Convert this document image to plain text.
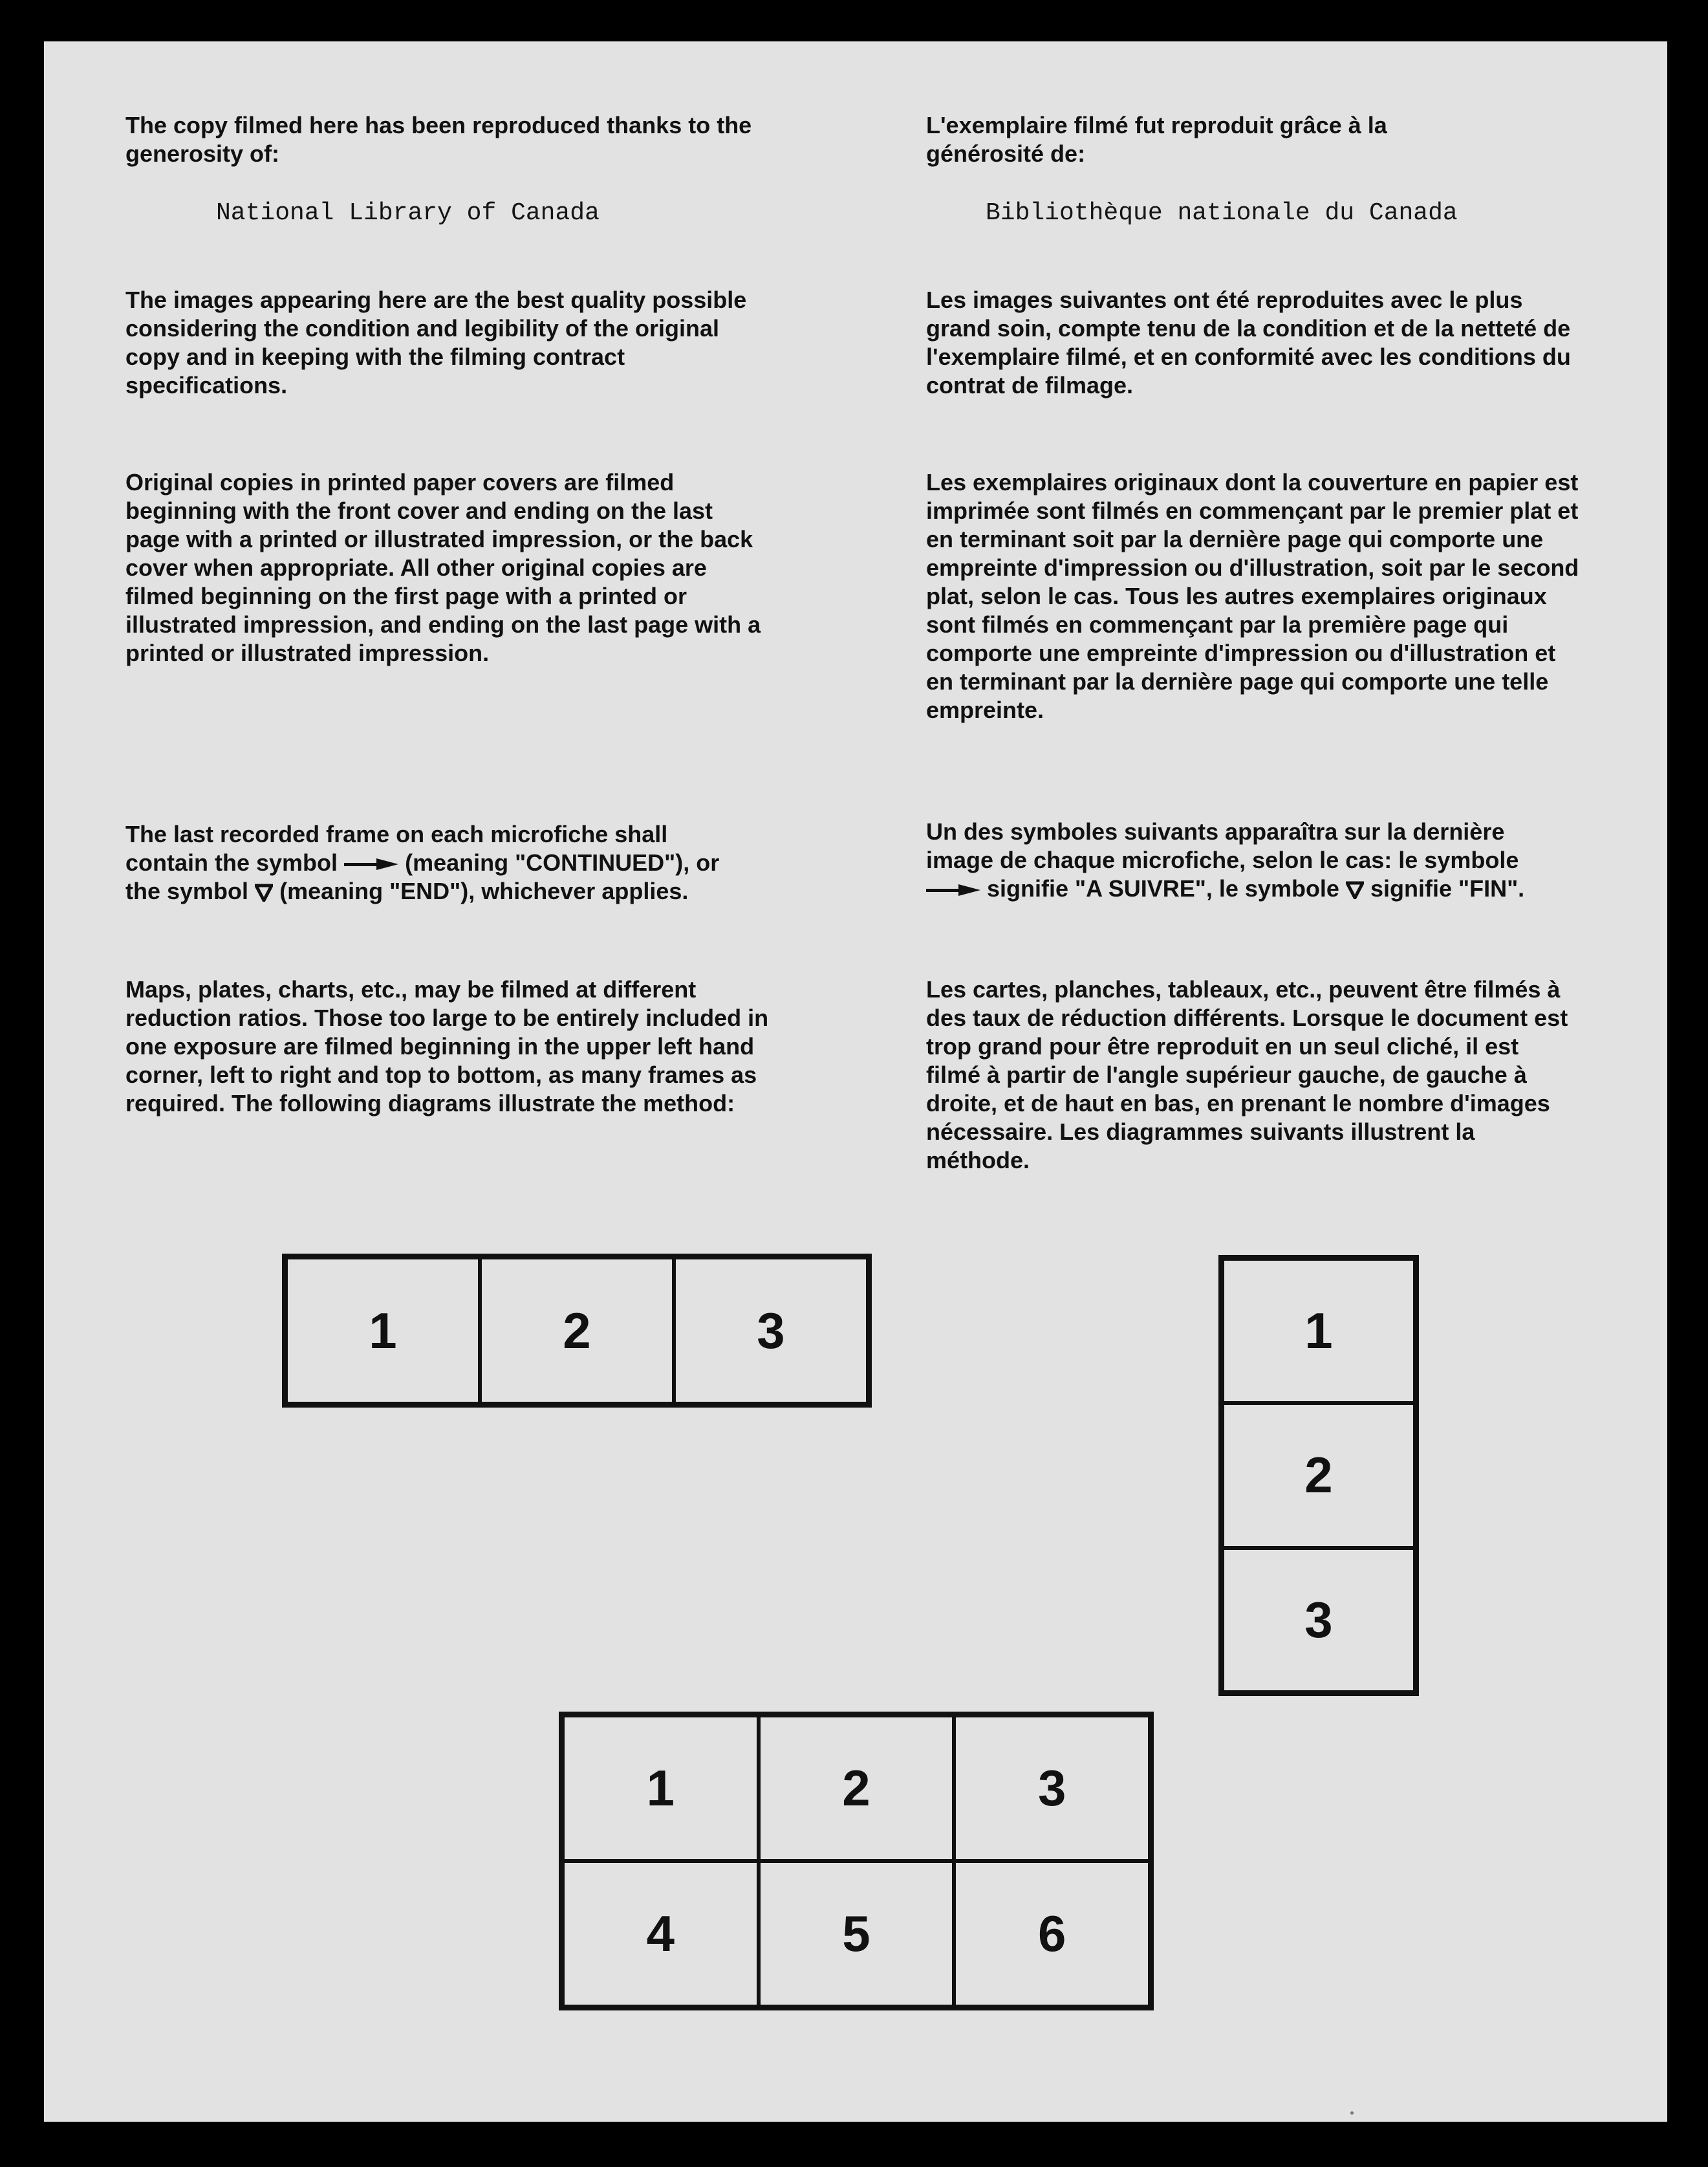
The copy filmed here has been reproduced thanks to the generosity of:

National Library of Canada

The images appearing here are the best quality possible considering the condition and legibility of the original copy and in keeping with the filming contract specifications.

Original copies in printed paper covers are filmed beginning with the front cover and ending on the last page with a printed or illustrated impression, or the back cover when appropriate. All other original copies are filmed beginning on the first page with a printed or illustrated impression, and ending on the last page with a printed or illustrated impression.

The last recorded frame on each microfiche shall contain the symbol	(meaning "CONTINUED"), or the symbol (meaning "END"), whichever applies.

Maps, plates, charts, etc., may be filmed at different reduction ratios. Those too large to be entirely included in one exposure are filmed beginning in the upper left hand corner, left to right and top to bottom, as many frames as required. The following diagrams illustrate the method:

L'exemplaire filmé fut reproduit grâce à la générosité de:

Bibliothèque nationale du Canada

Les images suivantes ont été reproduites avec le plus grand soin, compte tenu de la condition et de la netteté de l'exemplaire filmé, et en conformité avec les conditions du contrat de filmage.

Les exemplaires originaux dont la couverture en papier est imprimée sont filmés en commençant par le premier plat et en terminant soit par la dernière page qui comporte une empreinte d'impression ou d'illustration, soit par le second plat, selon le cas. Tous les autres exemplaires originaux sont filmés en commençant par la première page qui comporte une empreinte d'impression ou d'illustration et en terminant par la dernière page qui comporte une telle empreinte.

Un des symboles suivants apparaîtra sur la dernière image de chaque microfiche, selon le cas: le symbole  signifie "A SUIVRE", le symbole signifie "FIN".

Les cartes, planches, tableaux, etc., peuvent être filmés à des taux de réduction différents. Lorsque le document est trop grand pour être reproduit en un seul cliché, il est filmé à partir de l'angle supérieur gauche, de gauche à droite, et de haut en bas, en prenant le nombre d'images nécessaire. Les diagrammes suivants illustrent la méthode.

1	2	3	1
2
3
1	2	3
4	5	6
